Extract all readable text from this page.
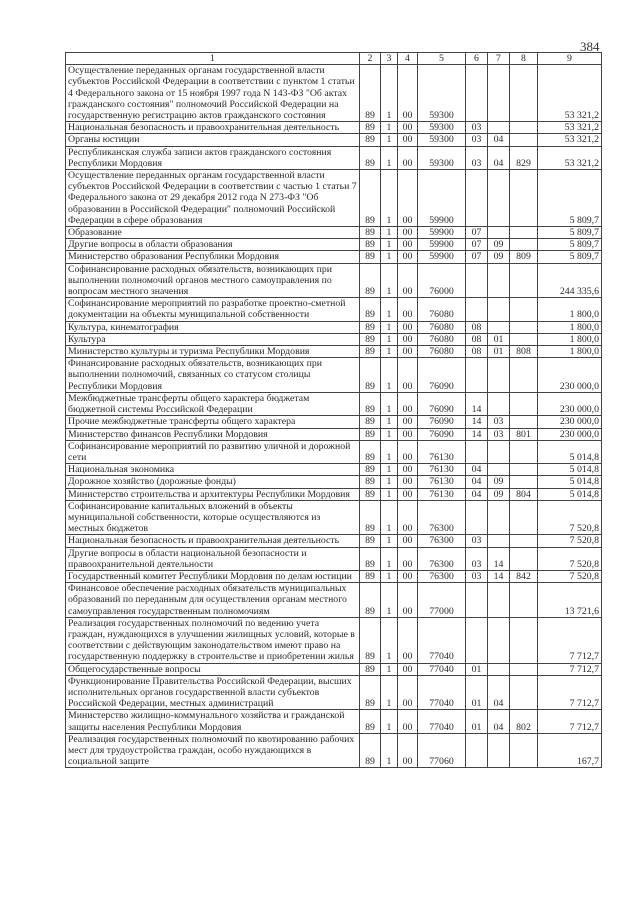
384
1	2	3	4	5	6	7	8	9
Осуществление переданных органам государственной власти субъектов Российской Федерации в соответствии с пунктом 1 статьи 4 Федерального закона от 15 ноября 1997 года N 143-ФЗ "Об актах гражданского состояния" полномочий Российской Федерации на государственную регистрацию актов гражданского состояния	89	1	00	59300				53 321,2
Национальная безопасность и правоохранительная деятельность	89	1	00	59300	03			53 321,2
Органы юстиции	89	1	00	59300	03	04		53 321,2
Республиканская служба записи актов гражданского состояния Республики Мордовия	89	1	00	59300	03	04	829	53 321,2
Осуществление переданных органам государственной власти субъектов Российской Федерации в соответствии с частью 1 статьи 7 Федерального закона от 29 декабря 2012 года N 273-ФЗ "Об образовании в Российской Федерации" полномочий Российской Федерации в сфере образования	89	1	00	59900				5 809,7
Образование	89	1	00	59900	07			5 809,7
Другие вопросы в области образования	89	1	00	59900	07	09		5 809,7
Министерство образования Республики Мордовия	89	1	00	59900	07	09	809	5 809,7
Софинансирование расходных обязательств, возникающих при выполнении полномочий органов местного самоуправления по вопросам местного значения	89	1	00	76000				244 335,6
Софинансирование мероприятий по разработке проектно-сметной документации на объекты муниципальной собственности	89	1	00	76080				1 800,0
Культура, кинематография	89	1	00	76080	08			1 800,0
Культура	89	1	00	76080	08	01		1 800,0
Министерство культуры и туризма Республики Мордовия	89	1	00	76080	08	01	808	1 800,0
Финансирование расходных обязательств, возникающих при выполнении полномочий, связанных со статусом столицы Республики Мордовия	89	1	00	76090				230 000,0
Межбюджетные трансферты общего характера бюджетам бюджетной системы Российской Федерации	89	1	00	76090	14			230 000,0
Прочие межбюджетные трансферты общего характера	89	1	00	76090	14	03		230 000,0
Министерство финансов Республики Мордовия	89	1	00	76090	14	03	801	230 000,0
Софинансирование мероприятий по развитию уличной и дорожной сети	89	1	00	76130				5 014,8
Национальная экономика	89	1	00	76130	04			5 014,8
Дорожное хозяйство (дорожные фонды)	89	1	00	76130	04	09		5 014,8
Министерство строительства и архитектуры Республики Мордовия	89	1	00	76130	04	09	804	5 014,8
Софинансирование капитальных вложений в объекты муниципальной собственности, которые осуществляются из местных бюджетов	89	1	00	76300				7 520,8
Национальная безопасность и правоохранительная деятельность	89	1	00	76300	03			7 520,8
Другие вопросы в области национальной безопасности и правоохранительной деятельности	89	1	00	76300	03	14		7 520,8
Государственный комитет Республики Мордовия по делам юстиции	89	1	00	76300	03	14	842	7 520,8
Финансовое обеспечение расходных обязательств муниципальных образований по переданным для осуществления органам местного самоуправления государственным полномочиям	89	1	00	77000				13 721,6
Реализация государственных полномочий по ведению учета граждан, нуждающихся в улучшении жилищных условий, которые в соответствии с действующим законодательством имеют право на государственную поддержку в строительстве и приобретении жилья	89	1	00	77040				7 712,7
Общегосударственные вопросы	89	1	00	77040	01			7 712,7
Функционирование Правительства Российской Федерации, высших исполнительных органов государственной власти субъектов Российской Федерации, местных администраций	89	1	00	77040	01	04		7 712,7
Министерство жилищно-коммунального хозяйства и гражданской защиты населения Республики Мордовия	89	1	00	77040	01	04	802	7 712,7
Реализация государственных полномочий по квотированию рабочих мест для трудоустройства граждан, особо нуждающихся в социальной защите	89	1	00	77060				167,7
